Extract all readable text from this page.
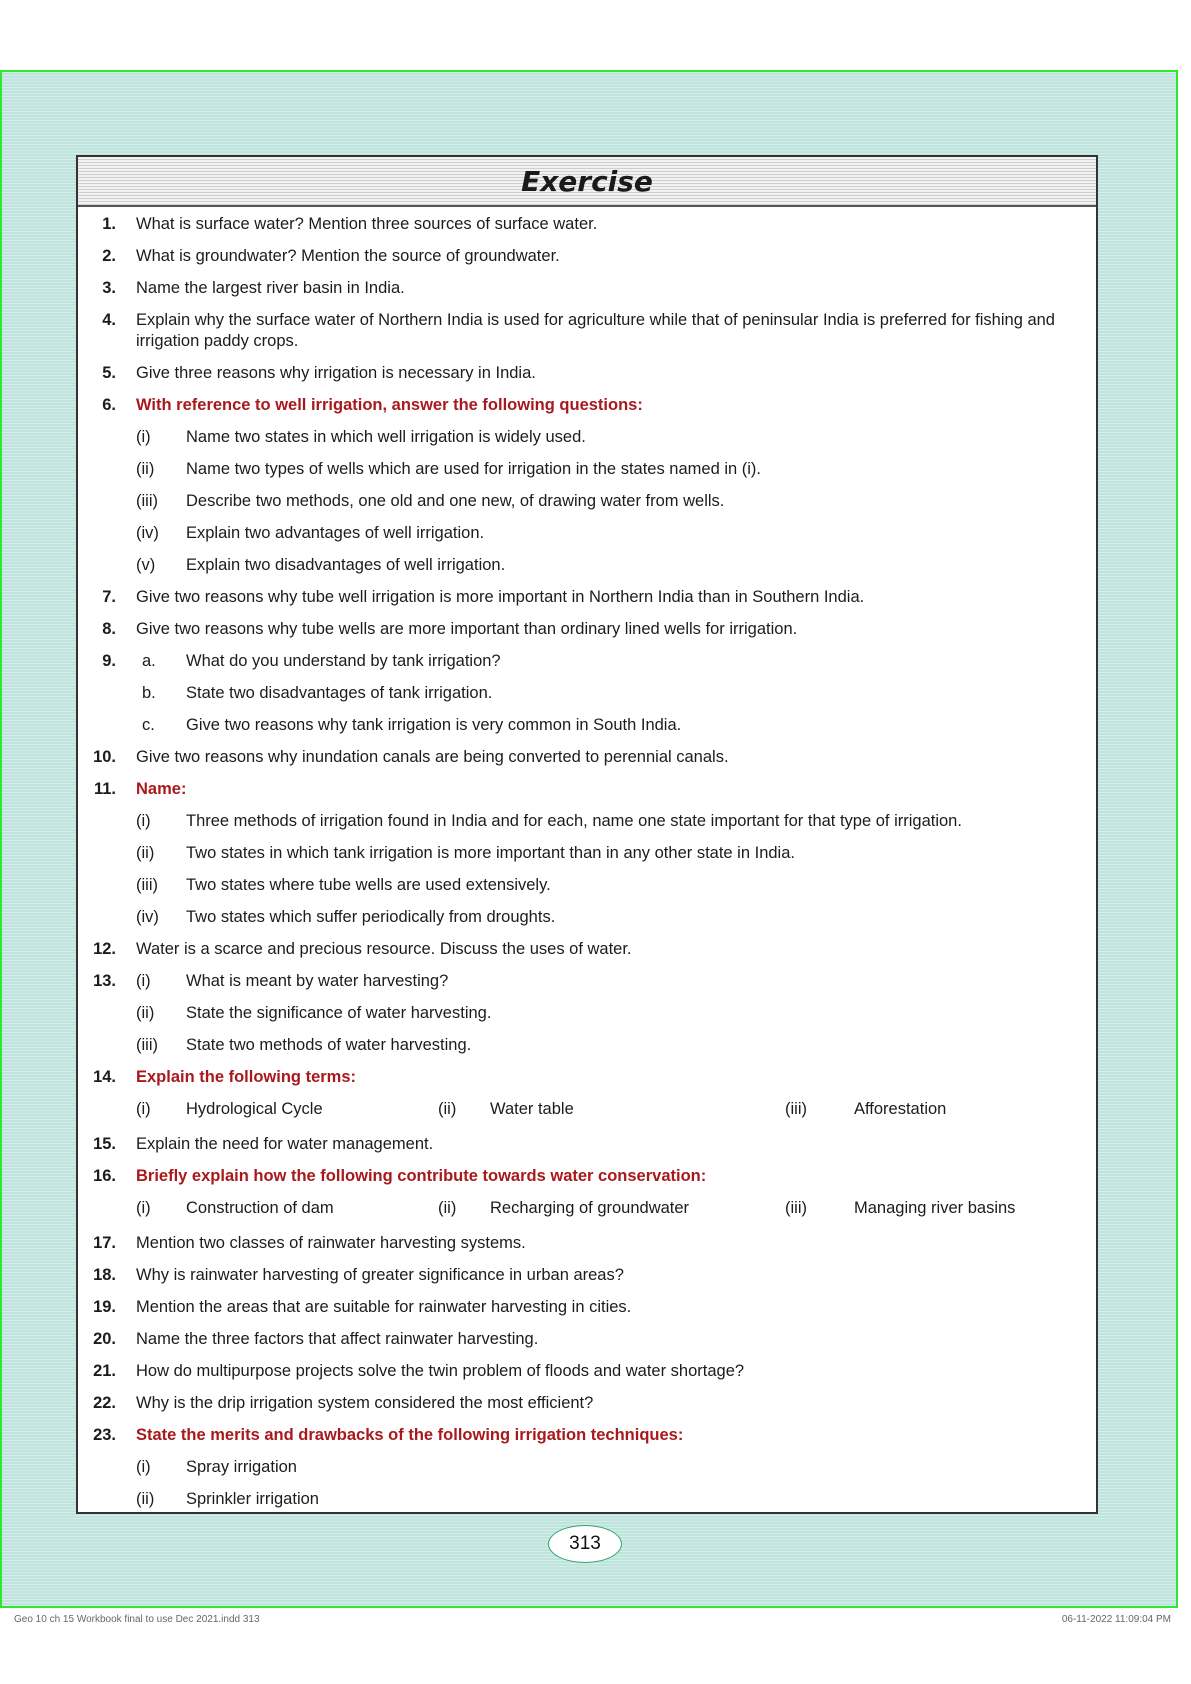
Exercise
1. What is surface water? Mention three sources of surface water.
2. What is groundwater? Mention the source of groundwater.
3. Name the largest river basin in India.
4. Explain why the surface water of Northern India is used for agriculture while that of peninsular India is preferred for fishing and irrigation paddy crops.
5. Give three reasons why irrigation is necessary in India.
6. With reference to well irrigation, answer the following questions:
(i)	Name two states in which well irrigation is widely used.
(ii)	Name two types of wells which are used for irrigation in the states named in (i).
(iii)	Describe two methods, one old and one new, of drawing water from wells.
(iv)	Explain two advantages of well irrigation.
(v)	Explain two disadvantages of well irrigation.
7. Give two reasons why tube well irrigation is more important in Northern India than in Southern India.
8. Give two reasons why tube wells are more important than ordinary lined wells for irrigation.
9.	a.	What do you understand by tank irrigation?
b.	State two disadvantages of tank irrigation.
c.	Give two reasons why tank irrigation is very common in South India.
10. Give two reasons why inundation canals are being converted to perennial canals.
11. Name:
(i)	Three methods of irrigation found in India and for each, name one state important for that type of irrigation.
(ii)	Two states in which tank irrigation is more important than in any other state in India.
(iii)	Two states where tube wells are used extensively.
(iv)	Two states which suffer periodically from droughts.
12. Water is a scarce and precious resource. Discuss the uses of water.
13. (i)	What is meant by water harvesting?
(ii)	State the significance of water harvesting.
(iii)	State two methods of water harvesting.
14. Explain the following terms:
(i) Hydrological Cycle	(ii) Water table	(iii)	Afforestation
15. Explain the need for water management.
16. Briefly explain how the following contribute towards water conservation:
(i) Construction of dam	(ii) Recharging of groundwater	(iii)	Managing river basins
17. Mention two classes of rainwater harvesting systems.
18. Why is rainwater harvesting of greater significance in urban areas?
19. Mention the areas that are suitable for rainwater harvesting in cities.
20. Name the three factors that affect rainwater harvesting.
21. How do multipurpose projects solve the twin problem of floods and water shortage?
22. Why is the drip irrigation system considered the most efficient?
23. State the merits and drawbacks of the following irrigation techniques:
(i)	Spray irrigation
(ii)	Sprinkler irrigation
313
Geo 10 ch 15 Workbook final to use Dec 2021.indd 313	06-11-2022 11:09:04 PM
